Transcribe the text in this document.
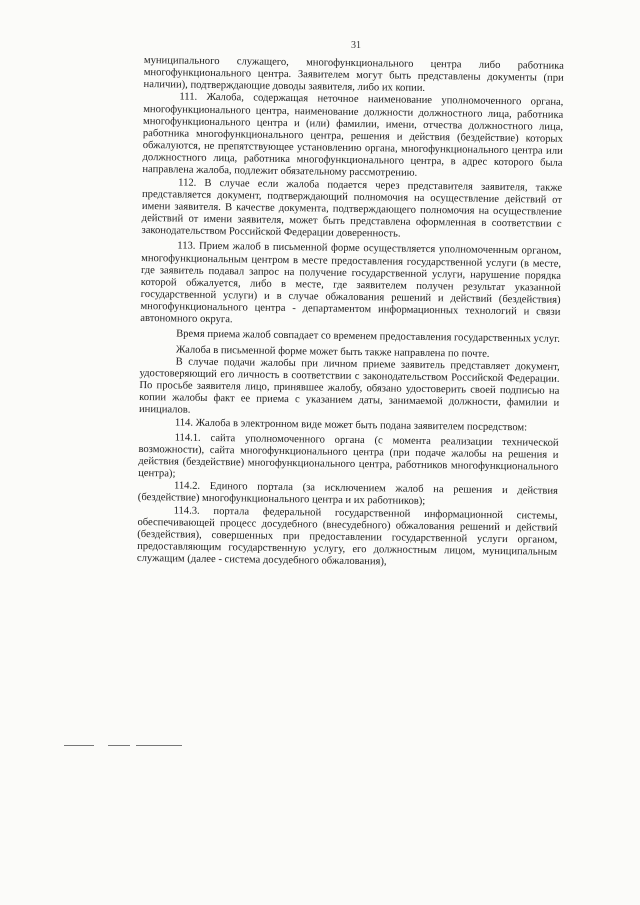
31

муниципального служащего, многофункционального центра либо работника многофункционального центра. Заявителем могут быть представлены документы (при наличии), подтверждающие доводы заявителя, либо их копии.

111. Жалоба, содержащая неточное наименование уполномоченного органа, многофункционального центра, наименование должности должностного лица, работника многофункционального центра и (или) фамилии, имени, отчества должностного лица, работника многофункционального центра, решения и действия (бездействие) которых обжалуются, не препятствующее установлению органа, многофункционального центра или должностного лица, работника многофункционального центра, в адрес которого была направлена жалоба, подлежит обязательному рассмотрению.

112. В случае если жалоба подается через представителя заявителя, также представляется документ, подтверждающий полномочия на осуществление действий от имени заявителя. В качестве документа, подтверждающего полномочия на осуществление действий от имени заявителя, может быть представлена оформленная в соответствии с законодательством Российской Федерации доверенность.

113. Прием жалоб в письменной форме осуществляется уполномоченным органом, многофункциональным центром в месте предоставления государственной услуги (в месте, где заявитель подавал запрос на получение государственной услуги, нарушение порядка которой обжалуется, либо в месте, где заявителем получен результат указанной государственной услуги) и в случае обжалования решений и действий (бездействия) многофункционального центра - департаментом информационных технологий и связи автономного округа.

Время приема жалоб совпадает со временем предоставления государственных услуг.

Жалоба в письменной форме может быть также направлена по почте.

В случае подачи жалобы при личном приеме заявитель представляет документ, удостоверяющий его личность в соответствии с законодательством Российской Федерации. По просьбе заявителя лицо, принявшее жалобу, обязано удостоверить своей подписью на копии жалобы факт ее приема с указанием даты, занимаемой должности, фамилии и инициалов.

114. Жалоба в электронном виде может быть подана заявителем посредством:

114.1. сайта уполномоченного органа (с момента реализации технической возможности), сайта многофункционального центра (при подаче жалобы на решения и действия (бездействие) многофункционального центра, работников многофункционального центра);

114.2. Единого портала (за исключением жалоб на решения и действия (бездействие) многофункционального центра и их работников);

114.3. портала федеральной государственной информационной системы, обеспечивающей процесс досудебного (внесудебного) обжалования решений и действий (бездействия), совершенных при предоставлении государственной услуги органом, предоставляющим государственную услугу, его должностным лицом, муниципальным служащим (далее - система досудебного обжалования),
